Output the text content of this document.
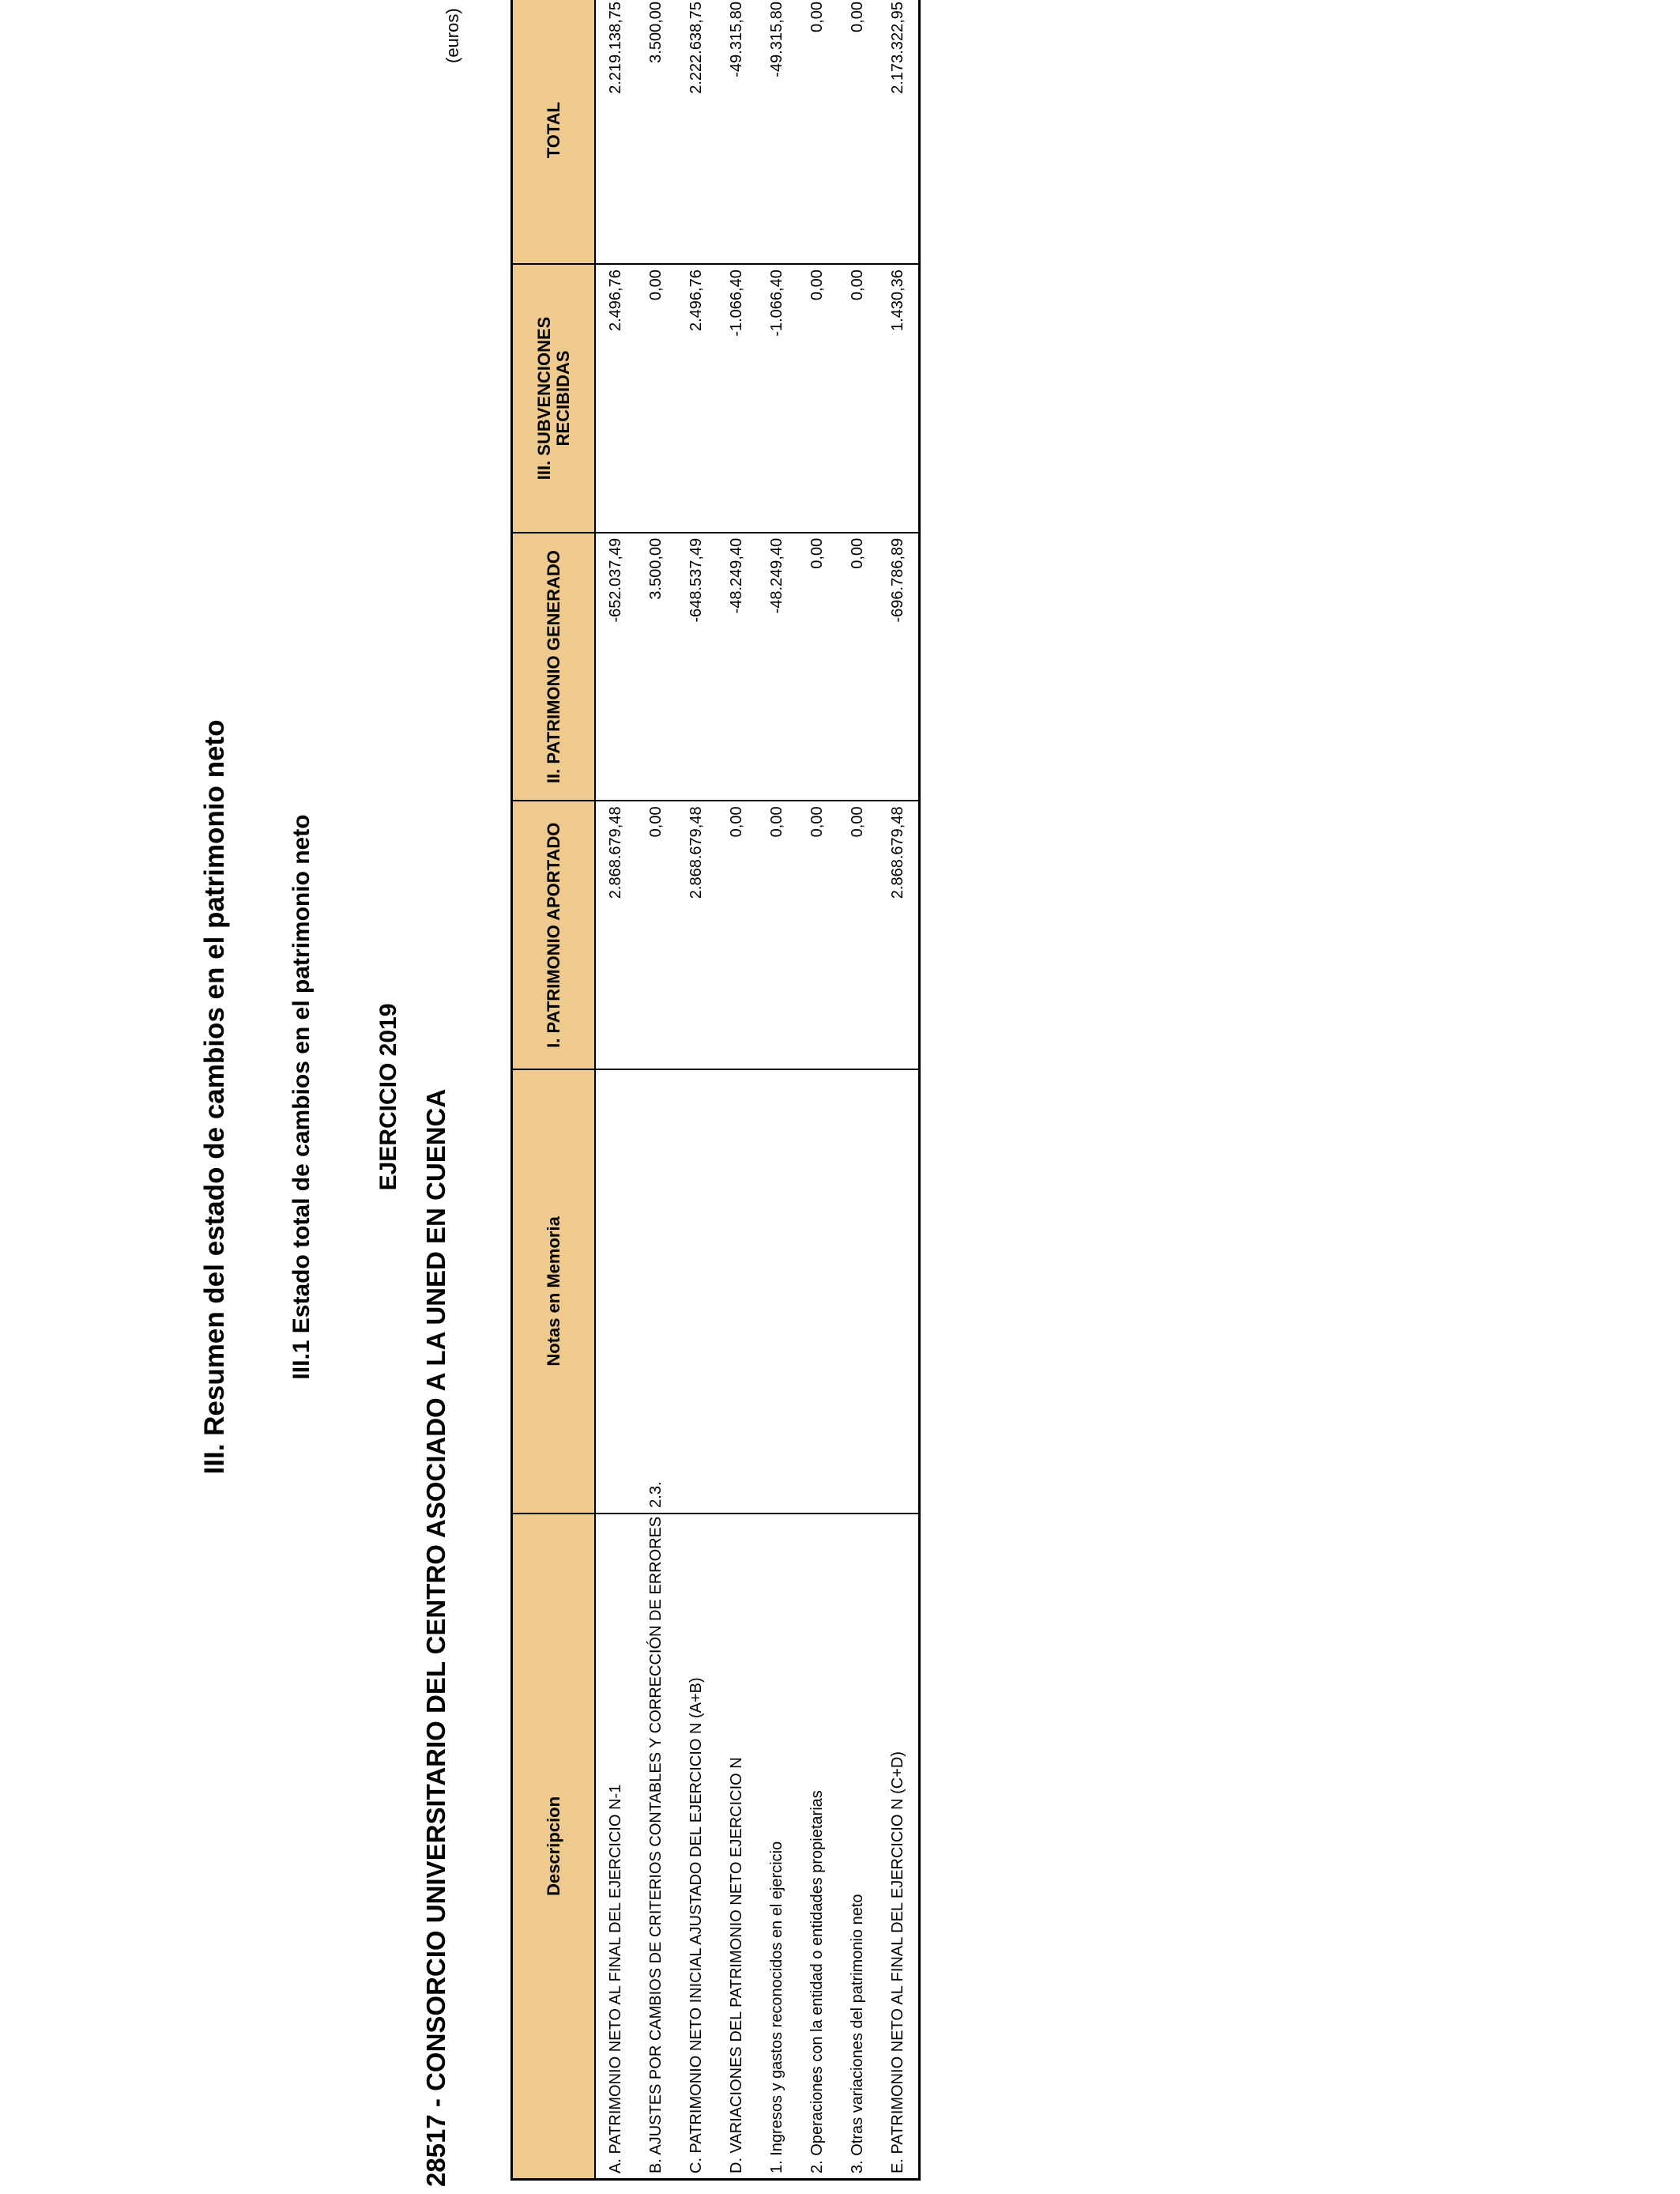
III. Resumen del estado de cambios en el patrimonio neto III.1 Estado total de cambios en el patrimonio neto	EJERCICIO 2019 28517 - CONSORCIO UNIVERSITARIO DEL CENTRO ASOCIADO A LA UNED EN CUENCA
(euros)
Descripcion	Notas en Memoria	I. PATRIMONIO APORTADO	II. PATRIMONIO GENERADO	III. SUBVENCIONES RECIBIDAS	TOTAL
A. PATRIMONIO NETO AL FINAL DEL EJERCICIO N-1		2.868.679,48	-652.037,49	2.496,76	2.219.138,75
B. AJUSTES POR CAMBIOS DE CRITERIOS CONTABLES Y CORRECCIÓN DE ERRORES	2.3.	0,00	3.500,00	0,00	3.500,00
C. PATRIMONIO NETO INICIAL AJUSTADO DEL EJERCICIO N (A+B)		2.868.679,48	-648.537,49	2.496,76	2.222.638,75
D. VARIACIONES DEL PATRIMONIO NETO EJERCICIO N		0,00	-48.249,40	-1.066,40	-49.315,80
1. Ingresos y gastos reconocidos en el ejercicio		0,00	-48.249,40	-1.066,40	-49.315,80
2. Operaciones con la entidad o entidades propietarias		0,00	0,00	0,00	0,00
3. Otras variaciones del patrimonio neto		0,00	0,00	0,00	0,00
E. PATRIMONIO NETO AL FINAL DEL EJERCICIO N (C+D)		2.868.679,48	-696.786,89	1.430,36	2.173.322,95
